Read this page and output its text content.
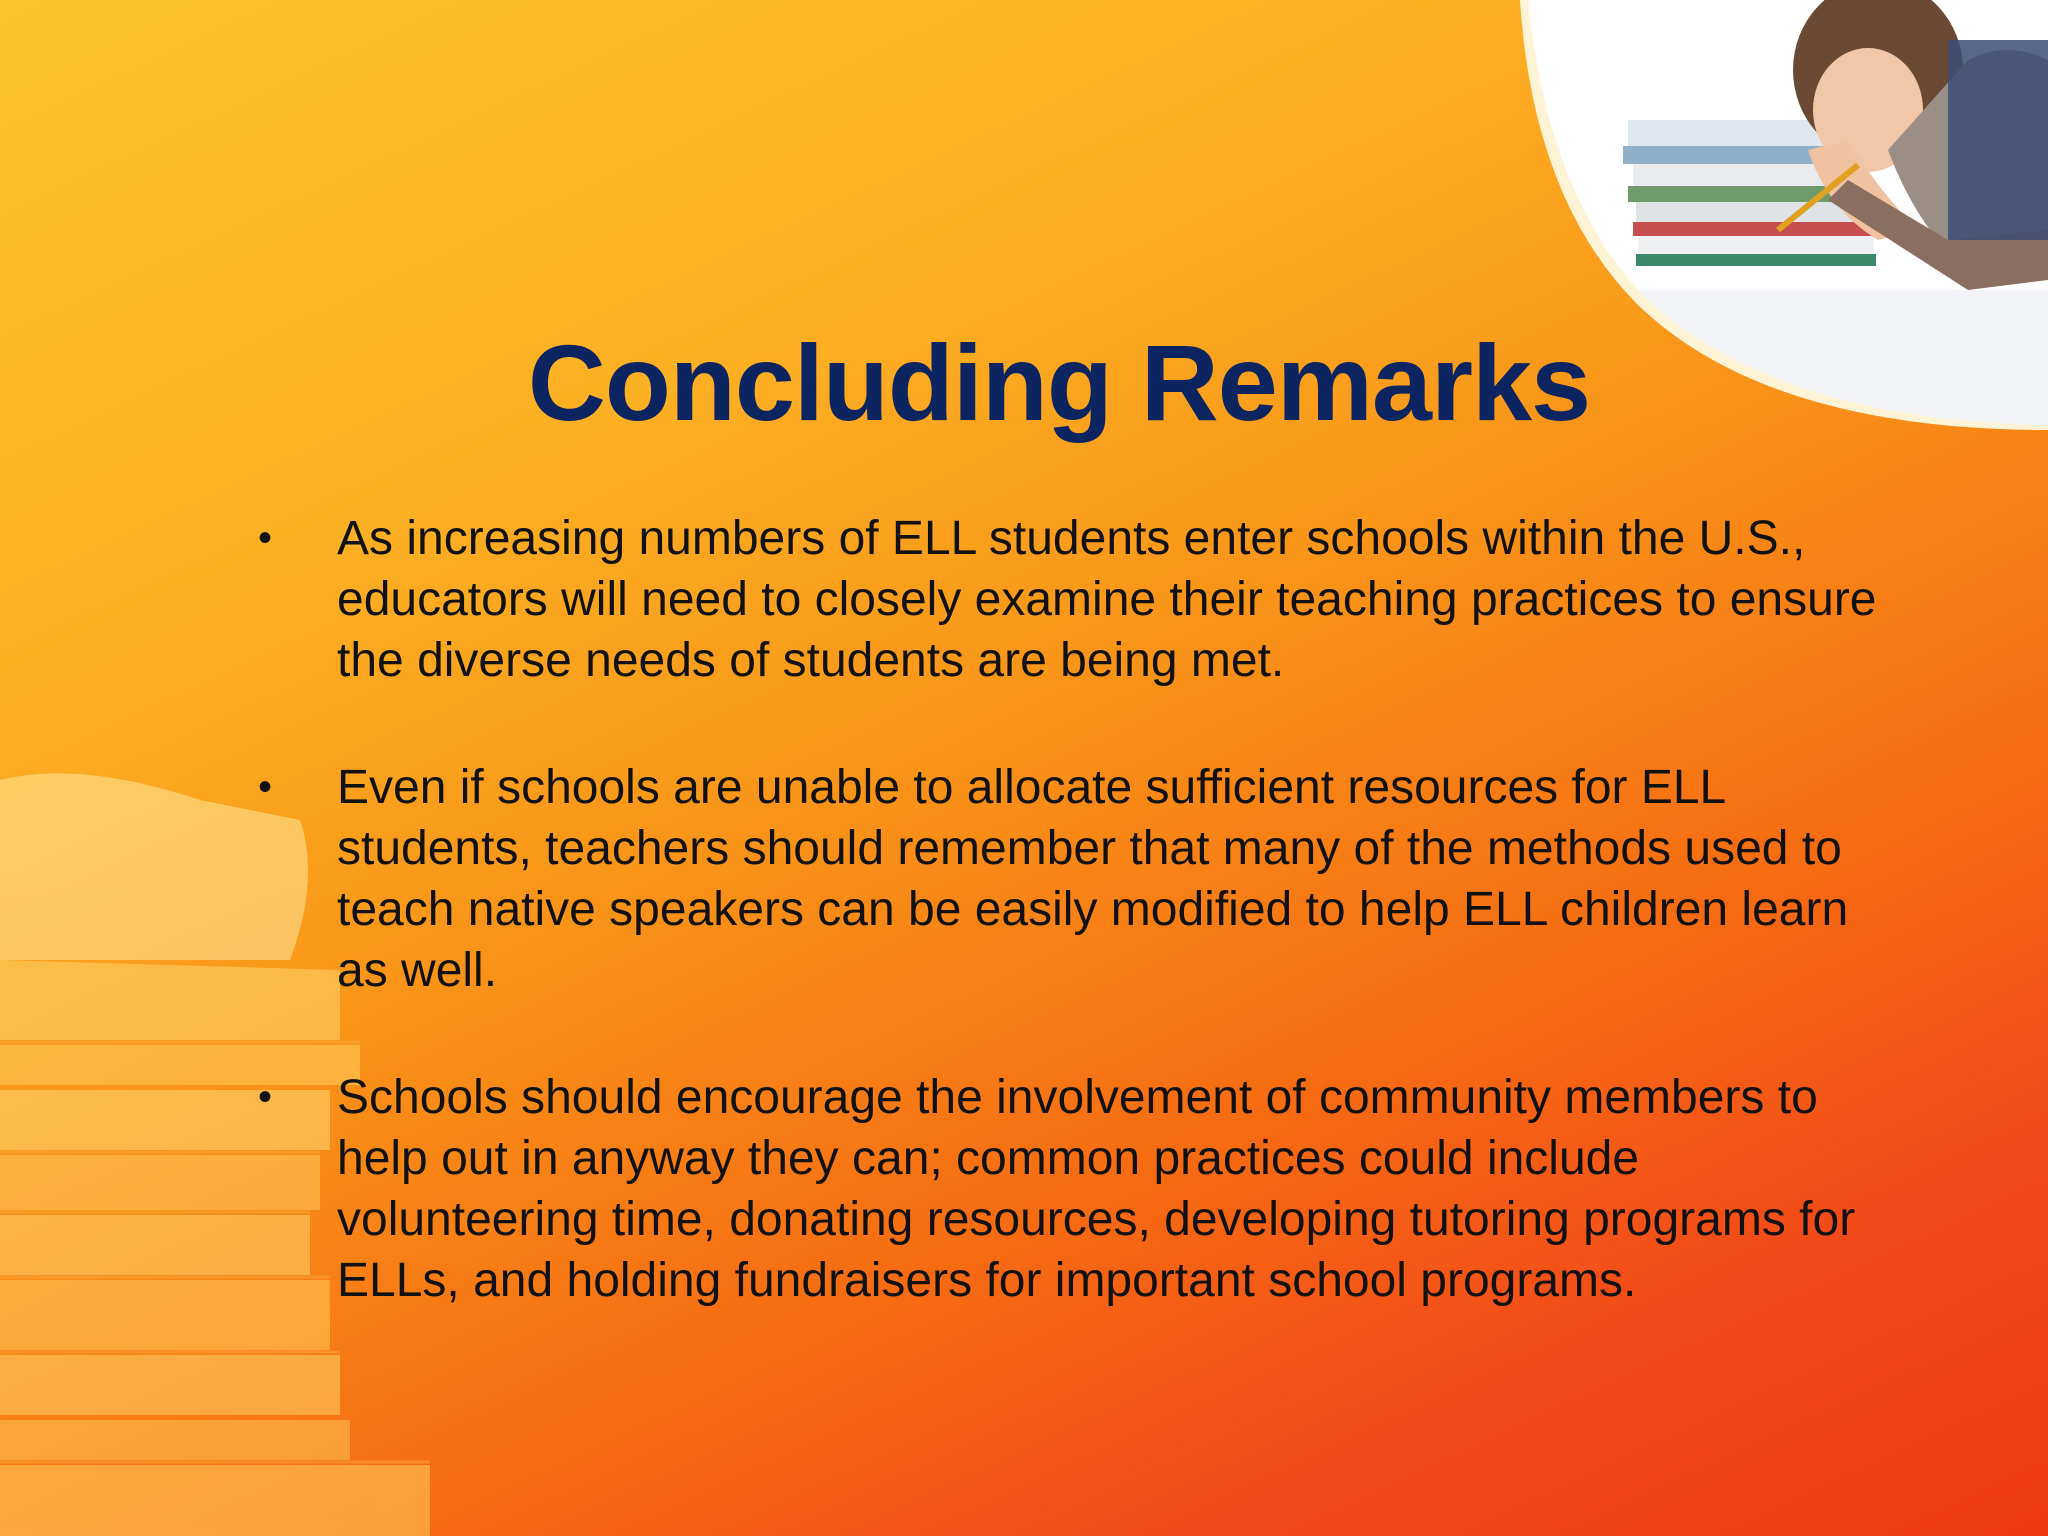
Concluding Remarks
•	As increasing numbers of ELL students enter schools within the U.S., educators will need to closely examine their teaching practices to ensure the diverse needs of students are being met.
•	Even if schools are unable to allocate sufficient resources for ELL students, teachers should remember that many of the methods used to teach native speakers can be easily modified to help ELL children learn as well.
•	Schools should encourage the involvement of community members to help out in anyway they can; common practices could include volunteering time, donating resources, developing tutoring programs for ELLs, and holding fundraisers for important school programs.
